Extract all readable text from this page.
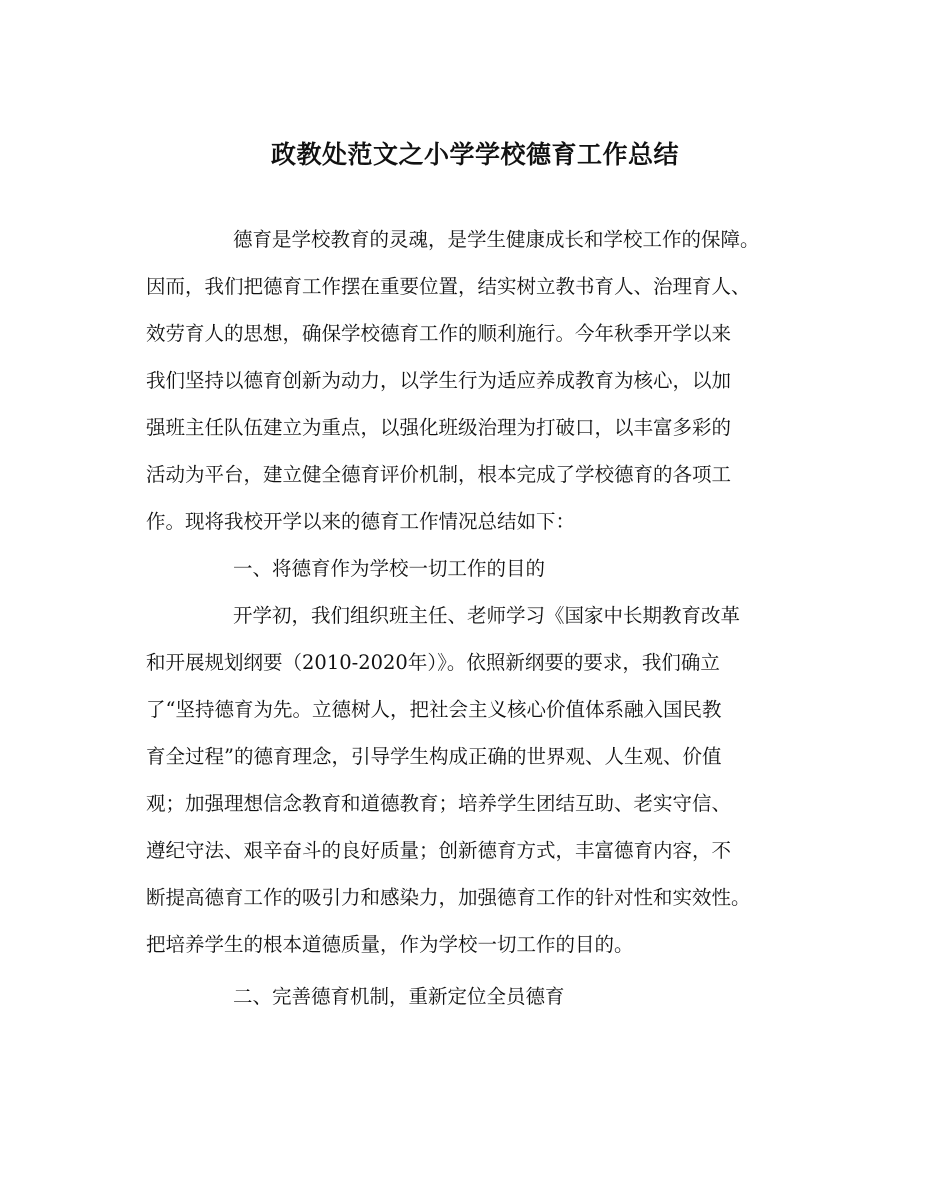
政教处范文之小学学校德育工作总结
德育是学校教育的灵魂，是学生健康成长和学校工作的保障。
因而，我们把德育工作摆在重要位置，结实树立教书育人、治理育人、
效劳育人的思想，确保学校德育工作的顺利施行。今年秋季开学以来
我们坚持以德育创新为动力，以学生行为适应养成教育为核心，以加
强班主任队伍建立为重点，以强化班级治理为打破口，以丰富多彩的
活动为平台，建立健全德育评价机制，根本完成了学校德育的各项工
作。现将我校开学以来的德育工作情况总结如下：
一、将德育作为学校一切工作的目的
开学初，我们组织班主任、老师学习《国家中长期教育改革
和开展规划纲要（2010-2020年）》。依照新纲要的要求，我们确立
了“坚持德育为先。立德树人，把社会主义核心价值体系融入国民教
育全过程”的德育理念，引导学生构成正确的世界观、人生观、价值
观；加强理想信念教育和道德教育；培养学生团结互助、老实守信、
遵纪守法、艰辛奋斗的良好质量；创新德育方式，丰富德育内容，不
断提高德育工作的吸引力和感染力，加强德育工作的针对性和实效性。
把培养学生的根本道德质量，作为学校一切工作的目的。
二、完善德育机制，重新定位全员德育
